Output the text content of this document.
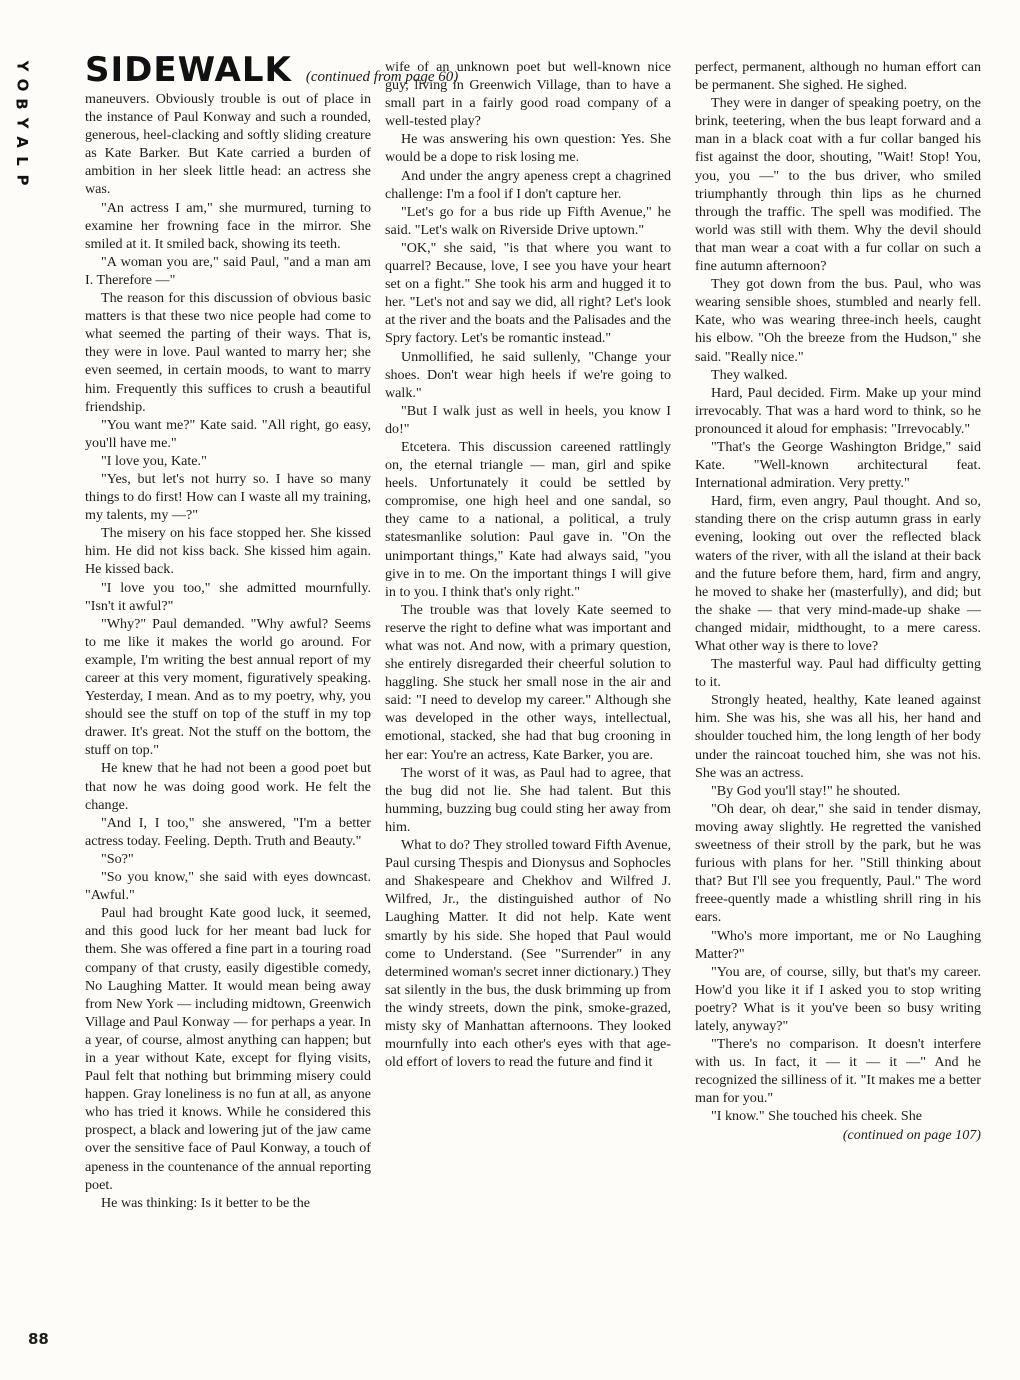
Y
O
B
Y
A
L
P
SIDEWALK (continued from page 60)

maneuvers. Obviously trouble is out of place in the instance of Paul Konway and such a rounded, generous, heel-clacking and softly sliding creature as Kate Barker. But Kate carried a burden of ambition in her sleek little head: an actress she was.

"An actress I am," she murmured, turning to examine her frowning face in the mirror. She smiled at it. It smiled back, showing its teeth.

"A woman you are," said Paul, "and a man am I. Therefore —"

The reason for this discussion of obvious basic matters is that these two nice people had come to what seemed the parting of their ways. That is, they were in love. Paul wanted to marry her; she even seemed, in certain moods, to want to marry him. Frequently this suffices to crush a beautiful friendship.

"You want me?" Kate said. "All right, go easy, you'll have me."

"I love you, Kate."

"Yes, but let's not hurry so. I have so many things to do first! How can I waste all my training, my talents, my —?"

The misery on his face stopped her. She kissed him. He did not kiss back. She kissed him again. He kissed back.

"I love you too," she admitted mournfully. "Isn't it awful?"

"Why?" Paul demanded. "Why awful? Seems to me like it makes the world go around. For example, I'm writing the best annual report of my career at this very moment, figuratively speaking. Yesterday, I mean. And as to my poetry, why, you should see the stuff on top of the stuff in my top drawer. It's great. Not the stuff on the bottom, the stuff on top."

He knew that he had not been a good poet but that now he was doing good work. He felt the change.

"And I, I too," she answered, "I'm a better actress today. Feeling. Depth. Truth and Beauty."

"So?"

"So you know," she said with eyes downcast. "Awful."

Paul had brought Kate good luck, it seemed, and this good luck for her meant bad luck for them. She was offered a fine part in a touring road company of that crusty, easily digestible comedy, No Laughing Matter. It would mean being away from New York — including midtown, Greenwich Village and Paul Konway — for perhaps a year. In a year, of course, almost anything can happen; but in a year without Kate, except for flying visits, Paul felt that nothing but brimming misery could happen. Gray loneliness is no fun at all, as anyone who has tried it knows. While he considered this prospect, a black and lowering jut of the jaw came over the sensitive face of Paul Konway, a touch of apeness in the countenance of the annual reporting poet.

He was thinking: Is it better to be the

wife of an unknown poet but well-known nice guy, living in Greenwich Village, than to have a small part in a fairly good road company of a well-tested play?

He was answering his own question: Yes. She would be a dope to risk losing me.

And under the angry apeness crept a chagrined challenge: I'm a fool if I don't capture her.

"Let's go for a bus ride up Fifth Avenue," he said. "Let's walk on Riverside Drive uptown."

"OK," she said, "is that where you want to quarrel? Because, love, I see you have your heart set on a fight." She took his arm and hugged it to her. "Let's not and say we did, all right? Let's look at the river and the boats and the Palisades and the Spry factory. Let's be romantic instead."

Unmollified, he said sullenly, "Change your shoes. Don't wear high heels if we're going to walk."

"But I walk just as well in heels, you know I do!"

Etcetera. This discussion careened rattlingly on, the eternal triangle — man, girl and spike heels. Unfortunately it could be settled by compromise, one high heel and one sandal, so they came to a national, a political, a truly statesmanlike solution: Paul gave in. "On the unimportant things," Kate had always said, "you give in to me. On the important things I will give in to you. I think that's only right."

The trouble was that lovely Kate seemed to reserve the right to define what was important and what was not. And now, with a primary question, she entirely disregarded their cheerful solution to haggling. She stuck her small nose in the air and said: "I need to develop my career." Although she was developed in the other ways, intellectual, emotional, stacked, she had that bug crooning in her ear: You're an actress, Kate Barker, you are.

The worst of it was, as Paul had to agree, that the bug did not lie. She had talent. But this humming, buzzing bug could sting her away from him.

What to do? They strolled toward Fifth Avenue, Paul cursing Thespis and Dionysus and Sophocles and Shakespeare and Chekhov and Wilfred J. Wilfred, Jr., the distinguished author of No Laughing Matter. It did not help. Kate went smartly by his side. She hoped that Paul would come to Understand. (See "Surrender" in any determined woman's secret inner dictionary.) They sat silently in the bus, the dusk brimming up from the windy streets, down the pink, smoke-grazed, misty sky of Manhattan afternoons. They looked mournfully into each other's eyes with that age-old effort of lovers to read the future and find it

perfect, permanent, although no human effort can be permanent. She sighed. He sighed.

They were in danger of speaking poetry, on the brink, teetering, when the bus leapt forward and a man in a black coat with a fur collar banged his fist against the door, shouting, "Wait! Stop! You, you, you —" to the bus driver, who smiled triumphantly through thin lips as he churned through the traffic. The spell was modified. The world was still with them. Why the devil should that man wear a coat with a fur collar on such a fine autumn afternoon?

They got down from the bus. Paul, who was wearing sensible shoes, stumbled and nearly fell. Kate, who was wearing three-inch heels, caught his elbow. "Oh the breeze from the Hudson," she said. "Really nice."

They walked.

Hard, Paul decided. Firm. Make up your mind irrevocably. That was a hard word to think, so he pronounced it aloud for emphasis: "Irrevocably."

"That's the George Washington Bridge," said Kate. "Well-known architectural feat. International admiration. Very pretty."

Hard, firm, even angry, Paul thought. And so, standing there on the crisp autumn grass in early evening, looking out over the reflected black waters of the river, with all the island at their back and the future before them, hard, firm and angry, he moved to shake her (masterfully), and did; but the shake — that very mind-made-up shake — changed midair, midthought, to a mere caress. What other way is there to love?

The masterful way. Paul had difficulty getting to it.

Strongly heated, healthy, Kate leaned against him. She was his, she was all his, her hand and shoulder touched him, the long length of her body under the raincoat touched him, she was not his. She was an actress.

"By God you'll stay!" he shouted.

"Oh dear, oh dear," she said in tender dismay, moving away slightly. He regretted the vanished sweetness of their stroll by the park, but he was furious with plans for her. "Still thinking about that? But I'll see you frequently, Paul." The word freee-quently made a whistling shrill ring in his ears.

"Who's more important, me or No Laughing Matter?"

"You are, of course, silly, but that's my career. How'd you like it if I asked you to stop writing poetry? What is it you've been so busy writing lately, anyway?"

"There's no comparison. It doesn't interfere with us. In fact, it — it — it —" And he recognized the silliness of it. "It makes me a better man for you."

"I know." She touched his cheek. She

(continued on page 107)

88
